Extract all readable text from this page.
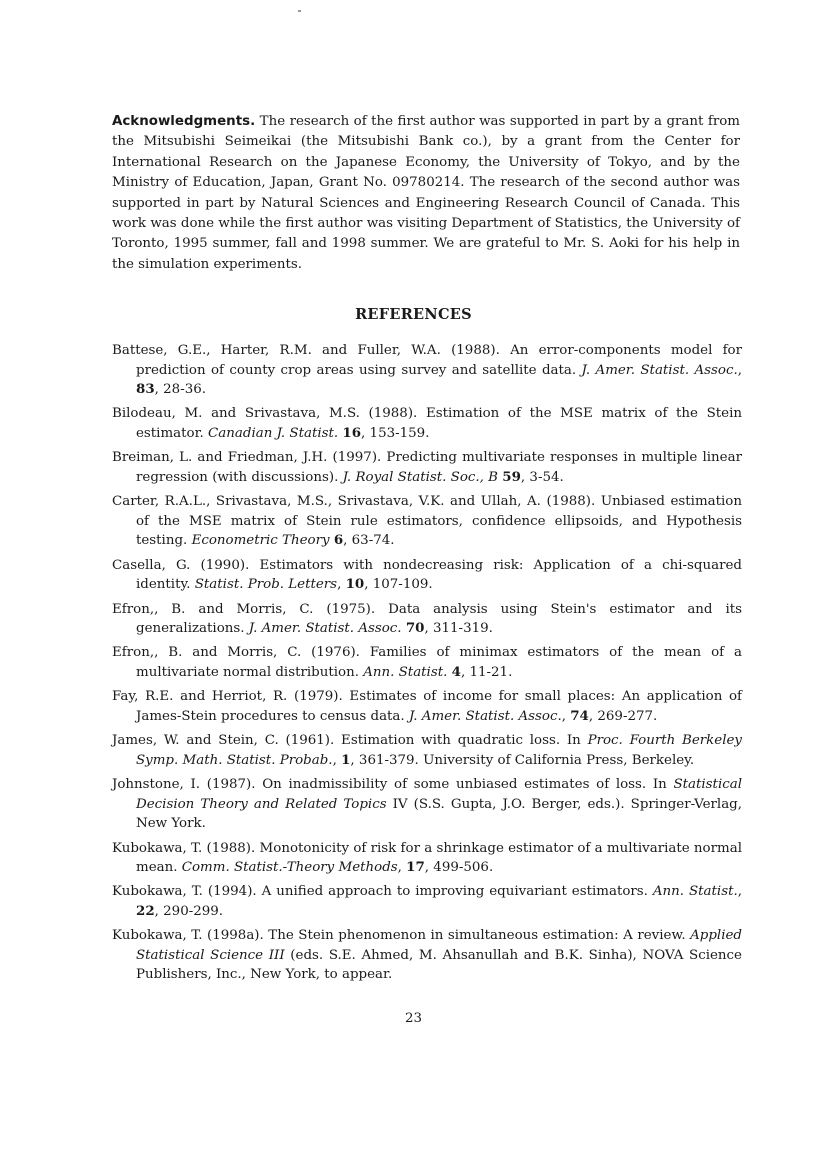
Acknowledgments. The research of the first author was supported in part by a grant from the Mitsubishi Seimeikai (the Mitsubishi Bank co.), by a grant from the Center for International Research on the Japanese Economy, the University of Tokyo, and by the Ministry of Education, Japan, Grant No. 09780214. The research of the second author was supported in part by Natural Sciences and Engineering Research Council of Canada. This work was done while the first author was visiting Department of Statistics, the University of Toronto, 1995 summer, fall and 1998 summer. We are grateful to Mr. S. Aoki for his help in the simulation experiments.

REFERENCES
Battese, G.E., Harter, R.M. and Fuller, W.A. (1988). An error-components model for prediction of county crop areas using survey and satellite data. J. Amer. Statist. Assoc., 83, 28-36.
Bilodeau, M. and Srivastava, M.S. (1988). Estimation of the MSE matrix of the Stein estimator. Canadian J. Statist. 16, 153-159.
Breiman, L. and Friedman, J.H. (1997). Predicting multivariate responses in multiple linear regression (with discussions). J. Royal Statist. Soc., B 59, 3-54.
Carter, R.A.L., Srivastava, M.S., Srivastava, V.K. and Ullah, A. (1988). Unbiased estimation of the MSE matrix of Stein rule estimators, confidence ellipsoids, and Hypothesis testing. Econometric Theory 6, 63-74.
Casella, G. (1990). Estimators with nondecreasing risk: Application of a chi-squared identity. Statist. Prob. Letters, 10, 107-109.
Efron,, B. and Morris, C. (1975). Data analysis using Stein's estimator and its generalizations. J. Amer. Statist. Assoc. 70, 311-319.
Efron,, B. and Morris, C. (1976). Families of minimax estimators of the mean of a multivariate normal distribution. Ann. Statist. 4, 11-21.
Fay, R.E. and Herriot, R. (1979). Estimates of income for small places: An application of James-Stein procedures to census data. J. Amer. Statist. Assoc., 74, 269-277.
James, W. and Stein, C. (1961). Estimation with quadratic loss. In Proc. Fourth Berkeley Symp. Math. Statist. Probab., 1, 361-379. University of California Press, Berkeley.
Johnstone, I. (1987). On inadmissibility of some unbiased estimates of loss. In Statistical Decision Theory and Related Topics IV (S.S. Gupta, J.O. Berger, eds.). Springer-Verlag, New York.
Kubokawa, T. (1988). Monotonicity of risk for a shrinkage estimator of a multivariate normal mean. Comm. Statist.-Theory Methods, 17, 499-506.
Kubokawa, T. (1994). A unified approach to improving equivariant estimators. Ann. Statist., 22, 290-299.
Kubokawa, T. (1998a). The Stein phenomenon in simultaneous estimation: A review. Applied Statistical Science III (eds. S.E. Ahmed, M. Ahsanullah and B.K. Sinha), NOVA Science Publishers, Inc., New York, to appear.
23
